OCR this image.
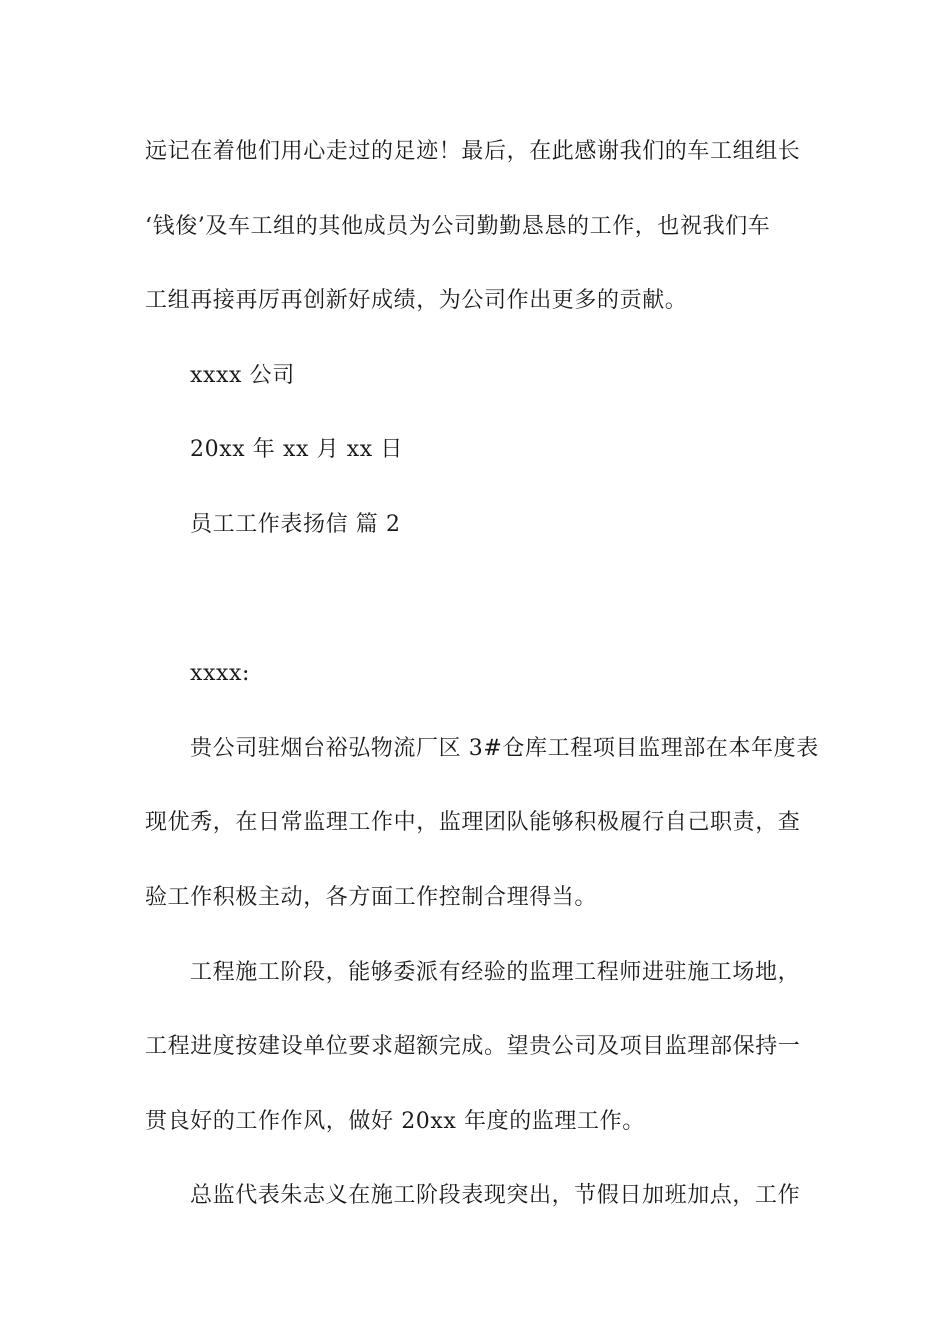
远记在着他们用心走过的足迹！最后，在此感谢我们的车工组组长
‘钱俊’及车工组的其他成员为公司勤勤恳恳的工作，也祝我们车
工组再接再厉再创新好成绩，为公司作出更多的贡献。
xxxx 公司
20xx 年 xx 月 xx 日
员工工作表扬信 篇 2
xxxx:
贵公司驻烟台裕弘物流厂区 3#仓库工程项目监理部在本年度表
现优秀，在日常监理工作中，监理团队能够积极履行自己职责，查
验工作积极主动，各方面工作控制合理得当。
工程施工阶段，能够委派有经验的监理工程师进驻施工场地，
工程进度按建设单位要求超额完成。望贵公司及项目监理部保持一
贯良好的工作作风，做好 20xx 年度的监理工作。
总监代表朱志义在施工阶段表现突出，节假日加班加点，工作
